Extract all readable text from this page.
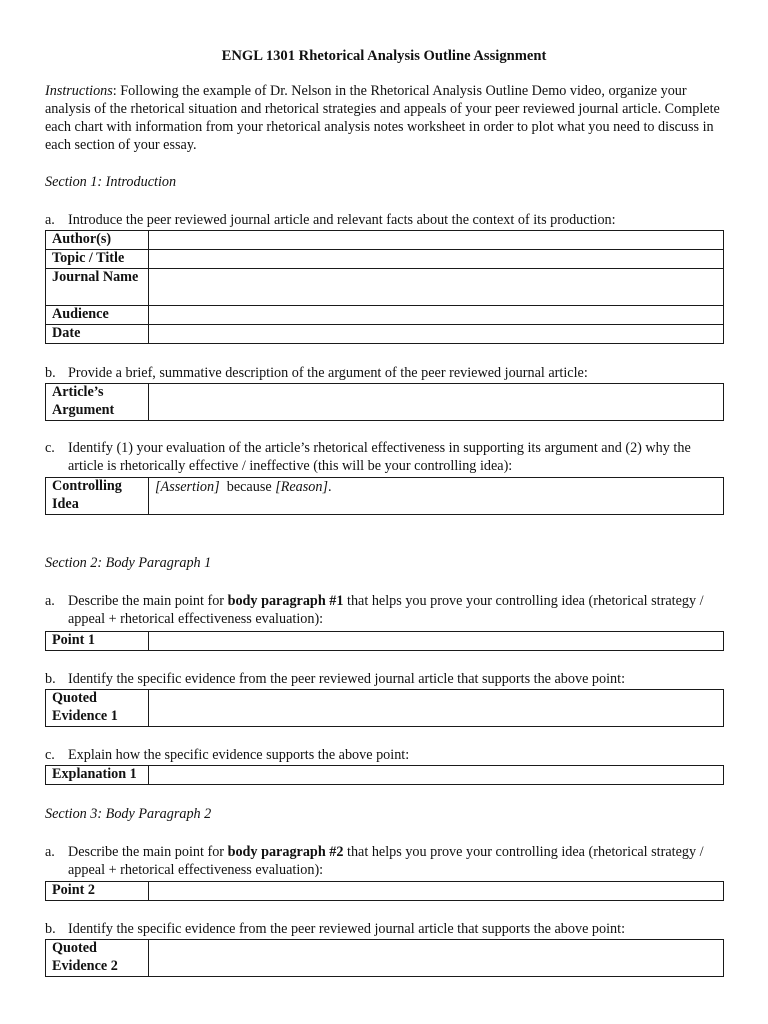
ENGL 1301 Rhetorical Analysis Outline Assignment
Instructions: Following the example of Dr. Nelson in the Rhetorical Analysis Outline Demo video, organize your analysis of the rhetorical situation and rhetorical strategies and appeals of your peer reviewed journal article. Complete each chart with information from your rhetorical analysis notes worksheet in order to plot what you need to discuss in each section of your essay.
Section 1: Introduction
a. Introduce the peer reviewed journal article and relevant facts about the context of its production:
Author(s)	
Topic / Title	
Journal Name	
Audience	
Date	
b. Provide a brief, summative description of the argument of the peer reviewed journal article:
Article’s Argument	
c. Identify (1) your evaluation of the article’s rhetorical effectiveness in supporting its argument and (2) why the article is rhetorically effective / ineffective (this will be your controlling idea):
Controlling Idea	[Assertion] because [Reason].
Section 2: Body Paragraph 1
a. Describe the main point for body paragraph #1 that helps you prove your controlling idea (rhetorical strategy / appeal + rhetorical effectiveness evaluation):
Point 1	
b. Identify the specific evidence from the peer reviewed journal article that supports the above point:
Quoted Evidence 1	
c. Explain how the specific evidence supports the above point:
Explanation 1	
Section 3: Body Paragraph 2
a. Describe the main point for body paragraph #2 that helps you prove your controlling idea (rhetorical strategy / appeal + rhetorical effectiveness evaluation):
Point 2	
b. Identify the specific evidence from the peer reviewed journal article that supports the above point:
Quoted Evidence 2	
